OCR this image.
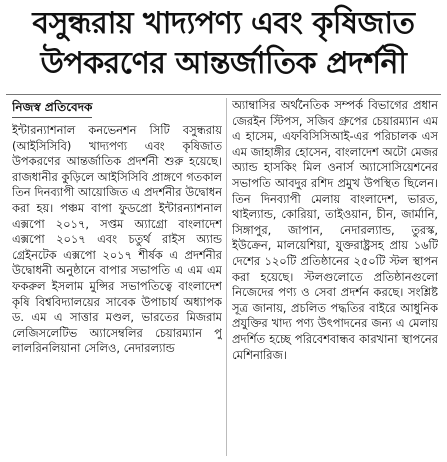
বসুন্ধরায় খাদ্যপণ্য এবং কৃষিজাত
উপকরণের আন্তর্জাতিক প্রদর্শনী
নিজস্ব প্রতিবেদক

ইন্টারন্যাশনাল কনভেনশন সিটি বসুন্ধরায় (আইসিসিবি) খাদ্যপণ্য এবং কৃষিজাত উপকরণের আন্তর্জাতিক প্রদর্শনী শুরু হয়েছে। রাজধানীর কুড়িলে আইসিসিবি প্রাঙ্গণে গতকাল তিন দিনব্যাপী আয়োজিত এ প্রদর্শনীর উদ্বোধন করা হয়। পঞ্চম বাপা ফুডপ্রো ইন্টারন্যাশনাল এক্সপো ২০১৭, সপ্তম অ্যাগ্রো বাংলাদেশ এক্সপো ২০১৭ এবং চতুর্থ রাইস অ্যান্ড গ্রেইনটেক এক্সপো ২০১৭ শীর্ষক এ প্রদর্শনীর উদ্বোধনী অনুষ্ঠানে বাপার সভাপতি এ এম এম ফকরুল ইসলাম মুন্সির সভাপতিত্বে বাংলাদেশ কৃষি বিশ্ববিদ্যালয়ের সাবেক উপাচার্য অধ্যাপক ড. এম এ সাত্তার মণ্ডল, ভারতের মিজরাম লেজিসলেটিভ অ্যাসেম্বলির চেয়ারম্যান পু লালরিনলিয়ানা সেলিও, নেদারল্যান্ড

অ্যাম্বাসির অর্থনৈতিক সম্পর্ক বিভাগের প্রধান জেরইন স্টিপস, সজিব গ্রুপের চেয়ারম্যান এম এ হাসেম, এফবিসিসিআই-এর পরিচালক এস এম জাহাঙ্গীর হোসেন, বাংলাদেশ অটো মেজর অ্যান্ড হাসকিং মিল ওনার্স অ্যাসোসিয়েশনের সভাপতি আবদুর রশিদ প্রমুখ উপস্থিত ছিলেন। তিন দিনব্যাপী মেলায় বাংলাদেশ, ভারত, থাইল্যান্ড, কোরিয়া, তাইওয়ান, চীন, জার্মানি, সিঙ্গাপুর, জাপান, নেদারল্যান্ড, তুরস্ক, ইউক্রেন, মালয়েশিয়া, যুক্তরাষ্ট্রসহ প্রায় ১৬টি দেশের ১২০টি প্রতিষ্ঠানের ২৫০টি স্টল স্থাপন করা হয়েছে। স্টলগুলোতে প্রতিষ্ঠানগুলো নিজেদের পণ্য ও সেবা প্রদর্শন করছে। সংশ্লিষ্ট সূত্র জানায়, প্রচলিত পদ্ধতির বাইরে আধুনিক প্রযুক্তির খাদ্য পণ্য উৎপাদনের জন্য এ মেলায় প্রদর্শিত হচ্ছে পরিবেশবান্ধব কারখানা স্থাপনের মেশিনারিজ।
